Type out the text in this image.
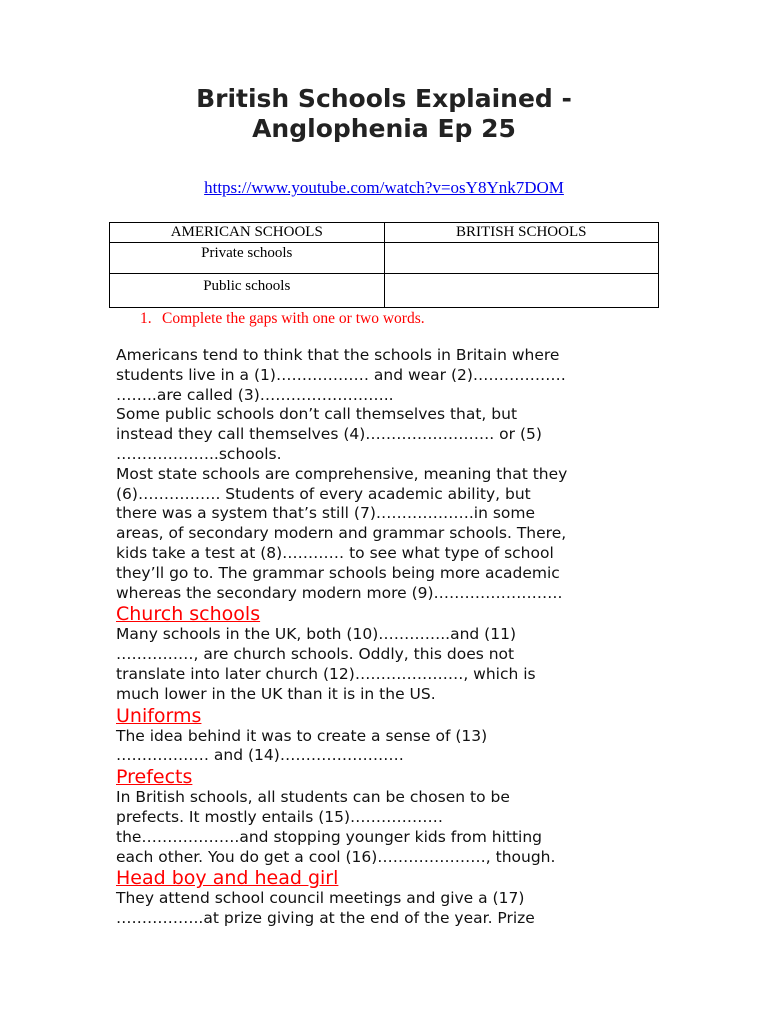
British Schools Explained -
Anglophenia Ep 25
https://www.youtube.com/watch?v=osY8Ynk7DOM
AMERICAN SCHOOLS	BRITISH SCHOOLS
Private schools	
Public schools	
1. Complete the gaps with one or two words.

Americans tend to think that the schools in Britain where
students live in a (1)……………… and wear (2)………………
……..are called (3)……………………..
Some public schools don’t call themselves that, but
instead they call themselves (4)……………………. or (5)
………………..schools.
Most state schools are comprehensive, meaning that they
(6)……………. Students of every academic ability, but
there was a system that’s still (7)……………….in some
areas, of secondary modern and grammar schools. There,
kids take a test at (8)………… to see what type of school
they’ll go to. The grammar schools being more academic
whereas the secondary modern more (9)…………………….

Church schools

Many schools in the UK, both (10)…………..and (11)
……………, are church schools. Oddly, this does not
translate into later church (12)…………………, which is
much lower in the UK than it is in the US.

Uniforms

The idea behind it was to create a sense of (13)
……………… and (14)……………………

Prefects

In British schools, all students can be chosen to be
prefects. It mostly entails (15)………………
the……………….and stopping younger kids from hitting
each other. You do get a cool (16)…………………, though.

Head boy and head girl

They attend school council meetings and give a (17)
……………..at prize giving at the end of the year. Prize
